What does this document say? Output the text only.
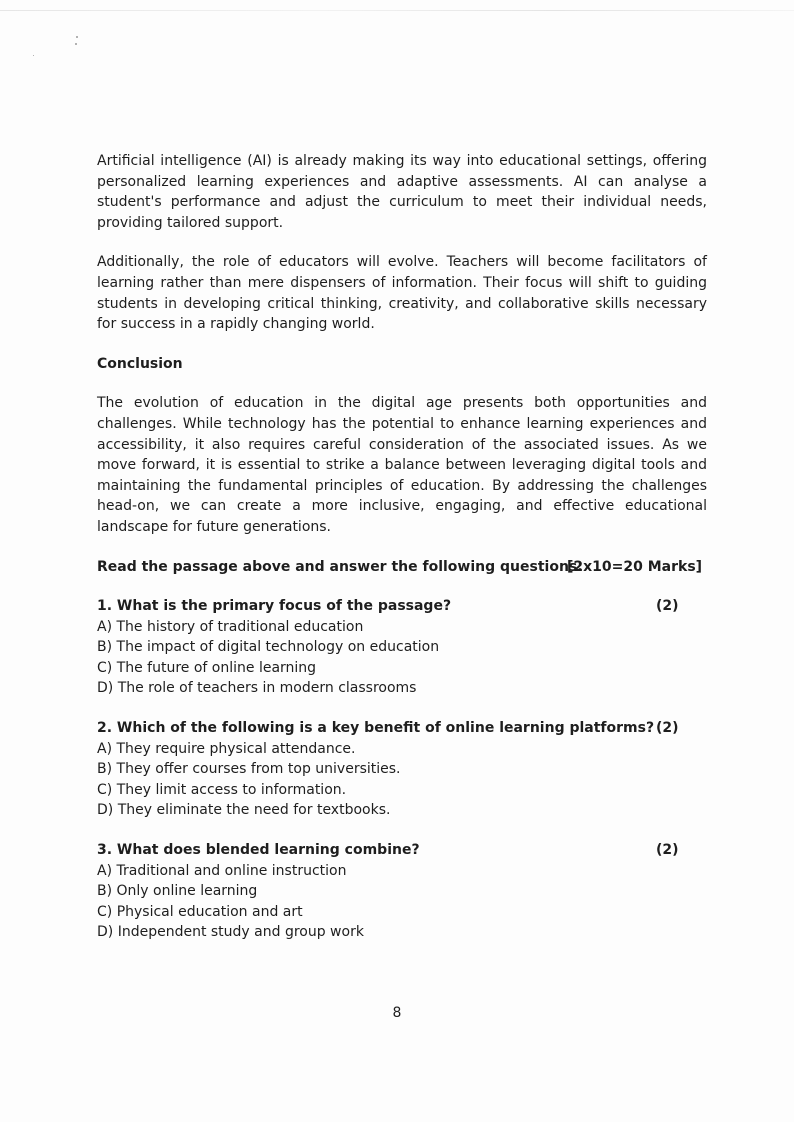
Artificial intelligence (AI) is already making its way into educational settings, offering personalized learning experiences and adaptive assessments. AI can analyse a student's performance and adjust the curriculum to meet their individual needs, providing tailored support.

Additionally, the role of educators will evolve. Teachers will become facilitators of learning rather than mere dispensers of information. Their focus will shift to guiding students in developing critical thinking, creativity, and collaborative skills necessary for success in a rapidly changing world.

Conclusion

The evolution of education in the digital age presents both opportunities and challenges. While technology has the potential to enhance learning experiences and accessibility, it also requires careful consideration of the associated issues. As we move forward, it is essential to strike a balance between leveraging digital tools and maintaining the fundamental principles of education. By addressing the challenges head-on, we can create a more inclusive, engaging, and effective educational landscape for future generations.

Read the passage above and answer the following questions:
[2x10=20 Marks]
1. What is the primary focus of the passage?	(2)
A) The history of traditional education
B) The impact of digital technology on education
C) The future of online learning
D) The role of teachers in modern classrooms
2. Which of the following is a key benefit of online learning platforms? (2)
A) They require physical attendance.
B) They offer courses from top universities.
C) They limit access to information.
D) They eliminate the need for textbooks.
3. What does blended learning combine?	(2)
A) Traditional and online instruction
B) Only online learning
C) Physical education and art
D) Independent study and group work
8
